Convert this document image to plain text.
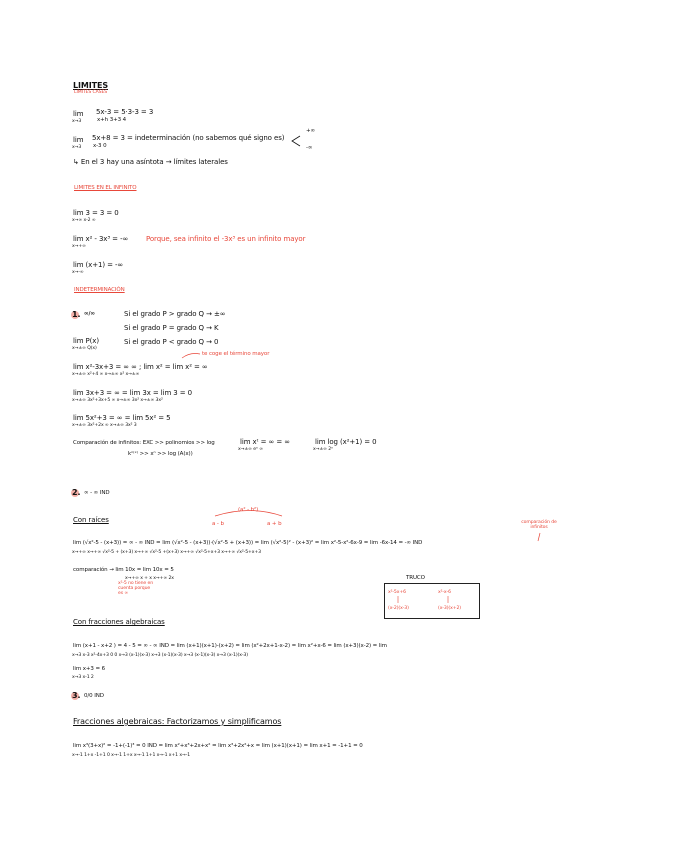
LIMITES
LIMITES CASES
lim
x→3
5x-3 = 5·3-3 = 3
x+h 3+3 4
lim
x→3
5x+8 = 3 = indeterminación (no sabemos qué signo es)
x-3 0
+∞
-∞
↳ En el 3 hay una asíntota → límites laterales
LIMITES EN EL INFINITO
lim 3 = 3 = 0
x→∞ x-2 ∞
lim x² - 3x³ = -∞
x→+∞
Porque, sea infinito el -3x³ es un infinito mayor
lim (x+1) = -∞
x→-∞
INDETERMINACIÓN
1. ∞/∞	Si el grado P > grado Q → ±∞
Si el grado P = grado Q → K
Si el grado P < grado Q → 0
lim P(x)
x→±∞ Q(x)
te coge el término mayor
lim x²-3x+3 = ∞ ∞ ; lim x² = lim x² = ∞
x→±∞ x²+4 ∞ x→±∞ x² x→±∞
lim 3x+3 = ∞ = lim 3x = lim 3 = 0
x→±∞ 3x²+3x+5 ∞ x→±∞ 3x² x→±∞ 3x²
lim 5x²+3 = ∞ = lim 5x² = 5
x→±∞ 3x²+2x ∞ x→±∞ 3x² 3
Comparación de infinitos: EXC >> polinomios >> log
kⁿ⁽ˣ⁾ >> xⁿ >> log (A(x))
lim xᵗ = ∞ = ∞
x→±∞ eˣ ∞
lim log (x²+1) = 0
x→±∞ 2ˣ
2. ∞ - ∞ IND
Con raíces
(a² - b²)
a - b	a + b	comparación de infinitos
lim (√x²-5 - (x+3)) = ∞ - ∞ IND = lim (√x²-5 - (x+3))·(√x²-5 + (x+3)) = lim (√x²-5)² - (x+3)² = lim x²-5-x²-6x-9 = lim -6x-14 = -∞ IND
x→+∞ x→+∞ √x²-5 + (x+3) x→+∞ √x²-5 +(x+3) x→+∞ √x²-5+x+3 x→+∞ √x²-5+x+3
comparación → lim 10x = lim 10x = 5
x→+∞ x + x x→+∞ 2x
x²-5 no tiene en cuenta porque es ∞
TRUCO
x²-5x+6
(x-2)(x-3)
x²-x-6
(x-3)(x+2)
Con fracciones algebraicas
lim (x+1 - x+2 ) = 4 - 5 = ∞ - ∞ IND = lim (x+1)(x+1)-(x+2) = lim (x²+2x+1-x-2) = lim x²+x-6 = lim (x+3)(x-2) = lim
x→3 x-3 x²-4x+3 0 0 x→3 (x-1)(x-3) x→3 (x-1)(x-3) x→3 (x-1)(x-3) x→3 (x-1)(x-3)
lim x+3 = 6
x→3 x-1 2
3. 0/0 IND
Fracciones algebraicas: Factorizamos y simplificamos
lim x³(3+x)² = -1+(-1)³ = 0 IND = lim x²+x³+2x+x² = lim x³+2x²+x = lim (x+1)(x+1) = lim x+1 = -1+1 = 0
x→-1 1+x -1+1 0 x→-1 1+x x→-1 1+1 x→-1 x+1 x→-1
